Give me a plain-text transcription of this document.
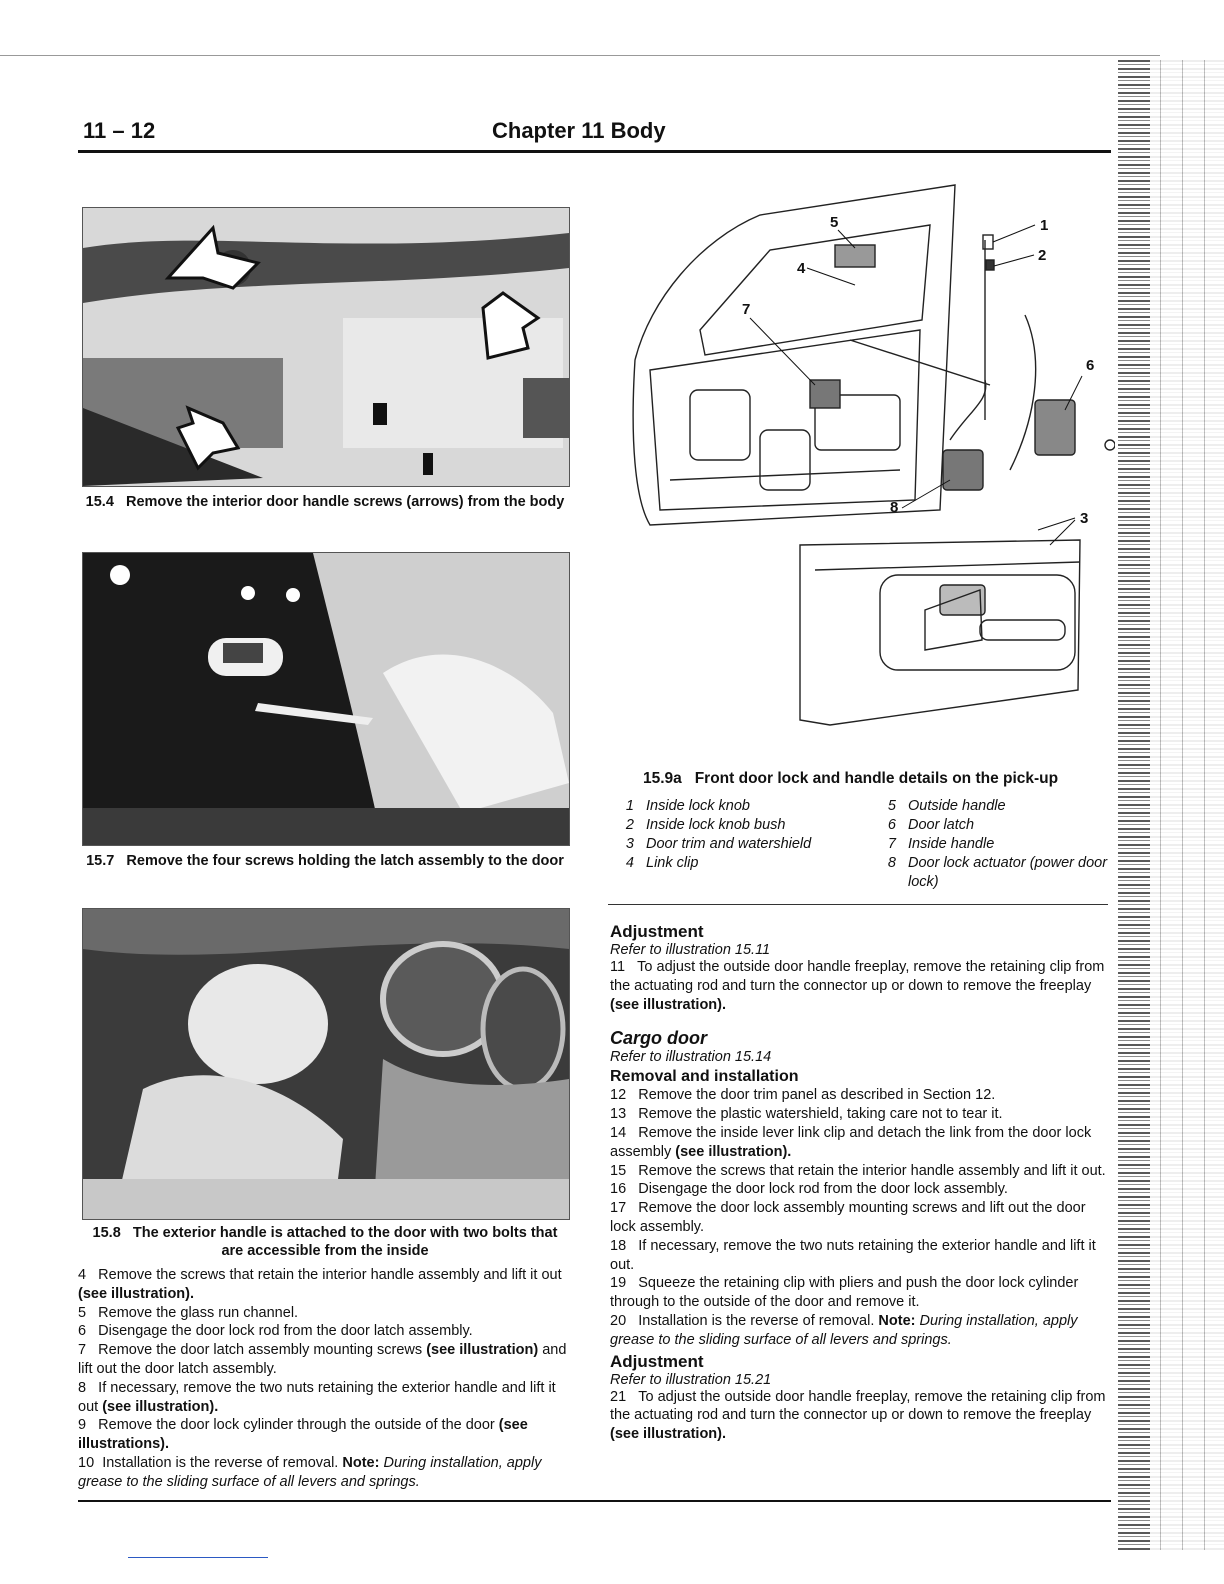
11 – 12	Chapter 11 Body
15.4 Remove the interior door handle screws (arrows) from the body
15.7 Remove the four screws holding the latch assembly to the door
15.8 The exterior handle is attached to the door with two bolts that are accessible from the inside
4 Remove the screws that retain the interior handle assembly and lift it out (see illustration).
5 Remove the glass run channel.
6 Disengage the door lock rod from the door latch assembly.
7 Remove the door latch assembly mounting screws (see illustration) and lift out the door latch assembly.
8 If necessary, remove the two nuts retaining the exterior handle and lift it out (see illustration).
9 Remove the door lock cylinder through the outside of the door (see illustrations).
10 Installation is the reverse of removal. Note: During installation, apply grease to the sliding surface of all levers and springs.
1
2
3
4
5
6
7
8
15.9a   Front door lock and handle details on the pick-up
1 Inside lock knob
2 Inside lock knob bush
3 Door trim and watershield
4 Link clip
5 Outside handle
6 Door latch
7 Inside handle
8 Door lock actuator (power door lock)
Adjustment
Refer to illustration 15.11
11 To adjust the outside door handle freeplay, remove the retaining clip from the actuating rod and turn the connector up or down to remove the freeplay (see illustration).
Cargo door
Refer to illustration 15.14
Removal and installation
12 Remove the door trim panel as described in Section 12.
13 Remove the plastic watershield, taking care not to tear it.
14 Remove the inside lever link clip and detach the link from the door lock assembly (see illustration).
15 Remove the screws that retain the interior handle assembly and lift it out.
16 Disengage the door lock rod from the door lock assembly.
17 Remove the door lock assembly mounting screws and lift out the door lock assembly.
18 If necessary, remove the two nuts retaining the exterior handle and lift it out.
19 Squeeze the retaining clip with pliers and push the door lock cylinder through to the outside of the door and remove it.
20 Installation is the reverse of removal. Note: During installation, apply grease to the sliding surface of all levers and springs.
Adjustment
Refer to illustration 15.21
21 To adjust the outside door handle freeplay, remove the retaining clip from the actuating rod and turn the connector up or down to remove the freeplay (see illustration).
